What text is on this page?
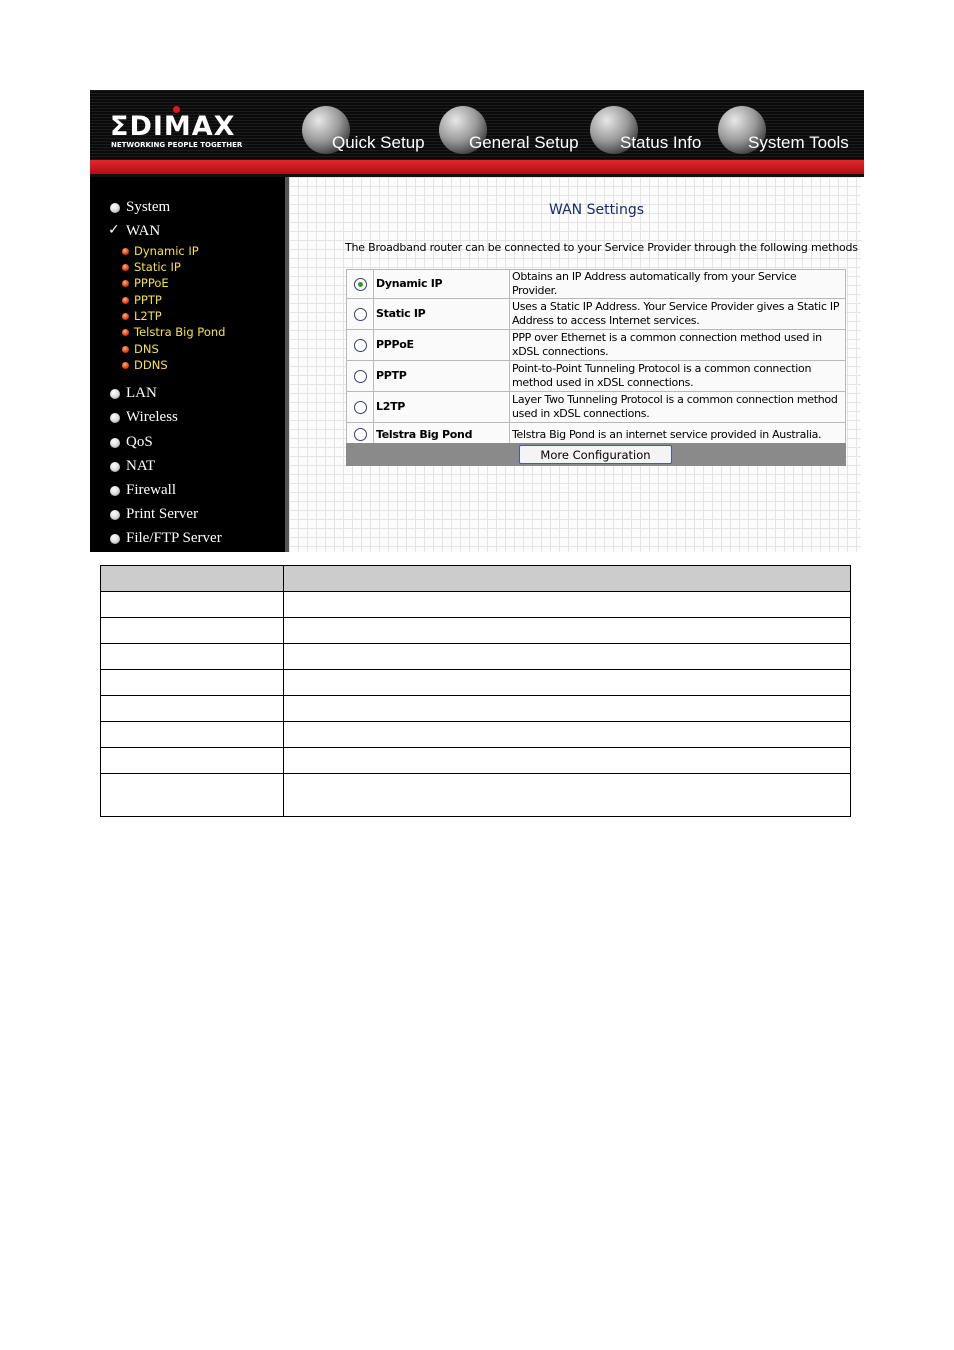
ΣDIMAX
NETWORKING PEOPLE TOGETHER	Quick Setup	General Setup Status Info	System Tools
System
✓ WAN
Dynamic IP
Static IP
PPPoE
PPTP
L2TP
Telstra Big Pond
DNS
DDNS
LAN
Wireless
QoS
NAT
Firewall
Print Server
File/FTP Server
WAN Settings
The Broadband router can be connected to your Service Provider through the following methods
	Dynamic IP	Obtains an IP Address automatically from your Service Provider.
	Static IP	Uses a Static IP Address. Your Service Provider gives a Static IP Address to access Internet services.
	PPPoE	PPP over Ethernet is a common connection method used in xDSL connections.
	PPTP	Point-to-Point Tunneling Protocol is a common connection method used in xDSL connections.
	L2TP	Layer Two Tunneling Protocol is a common connection method used in xDSL connections.
	Telstra Big Pond	Telstra Big Pond is an internet service provided in Australia.
More Configuration
